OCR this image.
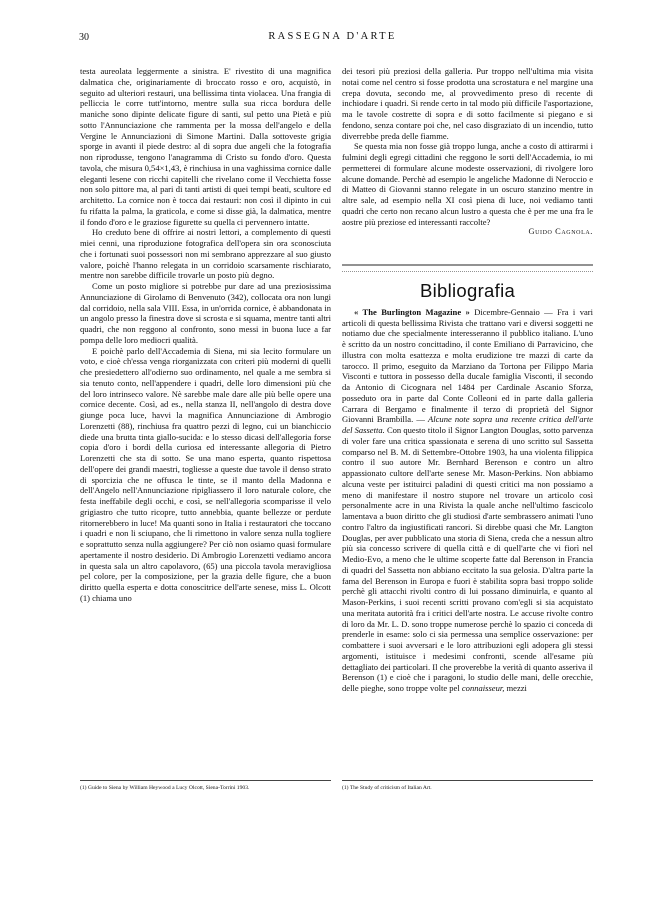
30	RASSEGNA D'ARTE

testa aureolata leggermente a sinistra. E' rivestito di una magnifica dalmatica che, originariamente di broccato rosso e oro, acquistò, in seguito ad ulteriori restauri, una bellissima tinta violacea. Una frangia di pelliccia le corre tutt'intorno, mentre sulla sua ricca bordura delle maniche sono dipinte delicate figure di santi, sul petto una Pietà e più sotto l'Annunciazione che rammenta per la mossa dell'angelo e della Vergine le Annunciazioni di Simone Martini. Dalla sottoveste grigia sporge in avanti il piede destro: al di sopra due angeli che la fotografia non riprodusse, tengono l'anagramma di Cristo su fondo d'oro. Questa tavola, che misura 0,54×1,43, è rinchiusa in una vaghissima cornice dalle eleganti lesene con ricchi capitelli che rivelano come il Vecchietta fosse non solo pittore ma, al pari di tanti artisti di quei tempi beati, scultore ed architetto. La cornice non è tocca dai restauri: non così il dipinto in cui fu rifatta la palma, la graticola, e come si disse già, la dalmatica, mentre il fondo d'oro e le graziose figurette su quella ci pervennero intatte.

Ho creduto bene di offrire ai nostri lettori, a complemento di questi miei cenni, una riproduzione fotografica dell'opera sin ora sconosciuta che i fortunati suoi possessori non mi sembrano apprezzare al suo giusto valore, poichè l'hanno relegata in un corridoio scarsamente rischiarato, mentre non sarebbe difficile trovarle un posto più degno.

Come un posto migliore si potrebbe pur dare ad una preziosissima Annunciazione di Girolamo di Benvenuto (342), collocata ora non lungi dal corridoio, nella sala VIII. Essa, in un'orrida cornice, è abbandonata in un angolo presso la finestra dove si scrosta e si squama, mentre tanti altri quadri, che non reggono al confronto, sono messi in buona luce a far pompa delle loro mediocri qualità.

E poichè parlo dell'Accademia di Siena, mi sia lecito formulare un voto, e cioè ch'essa venga riorganizzata con criteri più moderni di quelli che presiedettero all'odierno suo ordinamento, nel quale a me sembra si sia tenuto conto, nell'appendere i quadri, delle loro dimensioni più che del loro intrinseco valore. Nè sarebbe male dare alle più belle opere una cornice decente. Così, ad es., nella stanza II, nell'angolo di destra dove giunge poca luce, havvi la magnifica Annunciazione di Ambrogio Lorenzetti (88), rinchiusa fra quattro pezzi di legno, cui un bianchiccio diede una brutta tinta giallo-sucida: e lo stesso dicasi dell'allegoria forse copia d'oro i bordi della curiosa ed interessante allegoria di Pietro Lorenzetti che sta di sotto. Se una mano esperta, quanto rispettosa dell'opere dei grandi maestri, togliesse a queste due tavole il denso strato di sporcizia che ne offusca le tinte, se il manto della Madonna e dell'Angelo nell'Annunciazione ripigliassero il loro naturale colore, che festa ineffabile degli occhi, e così, se nell'allegoria scomparisse il velo grigiastro che tutto ricopre, tutto annebbia, quante bellezze or perdute ritornerebbero in luce! Ma quanti sono in Italia i restauratori che toccano i quadri e non li sciupano, che li rimettono in valore senza nulla togliere e soprattutto senza nulla aggiungere? Per ciò non osiamo quasi formulare apertamente il nostro desiderio. Di Ambrogio Lorenzetti vediamo ancora in questa sala un altro capolavoro, (65) una piccola tavola meravigliosa pel colore, per la composizione, per la grazia delle figure, che a buon diritto quella esperta e dotta conoscitrice dell'arte senese, miss L. Olcott (1) chiama uno

dei tesori più preziosi della galleria. Pur troppo nell'ultima mia visita notai come nel centro si fosse prodotta una scrostatura e nel margine una crepa dovuta, secondo me, al provvedimento preso di recente di inchiodare i quadri. Si rende certo in tal modo più difficile l'asportazione, ma le tavole costrette di sopra e di sotto facilmente si piegano e si fendono, senza contare poi che, nel caso disgraziato di un incendio, tutto diverrebbe preda delle fiamme.

Se questa mia non fosse già troppo lunga, anche a costo di attirarmi i fulmini degli egregi cittadini che reggono le sorti dell'Accademia, io mi permetterei di formulare alcune modeste osservazioni, di rivolgere loro alcune domande. Perchè ad esempio le angeliche Madonne di Neroccio e di Matteo di Giovanni stanno relegate in un oscuro stanzino mentre in altre sale, ad esempio nella XI così piena di luce, noi vediamo tanti quadri che certo non recano alcun lustro a questa che è per me una fra le aostre più preziose ed interessanti raccolte?

Guido Cagnola.

Bibliografia

« The Burlington Magazine » Dicembre-Gennaio — Fra i vari articoli di questa bellissima Rivista che trattano vari e diversi soggetti ne notiamo due che specialmente interesseranno il pubblico italiano. L'uno è scritto da un nostro concittadino, il conte Emiliano di Parravicino, che illustra con molta esattezza e molta erudizione tre mazzi di carte da tarocco. Il primo, eseguito da Marziano da Tortona per Filippo Maria Visconti e tuttora in possesso della ducale famiglia Visconti, il secondo da Antonio di Cicognara nel 1484 per Cardinale Ascanio Sforza, posseduto ora in parte dal Conte Colleoni ed in parte dalla galleria Carrara di Bergamo e finalmente il terzo di proprietà del Signor Giovanni Brambilla. — Alcune note sopra una recente critica dell'arte del Sassetta. Con questo titolo il Signor Langton Douglas, sotto parvenza di voler fare una critica spassionata e serena di uno scritto sul Sassetta comparso nel B. M. di Settembre-Ottobre 1903, ha una violenta filippica contro il suo autore Mr. Bernhard Berenson e contro un altro appassionato cultore dell'arte senese Mr. Mason-Perkins. Non abbiamo alcuna veste per istituirci paladini di questi critici ma non possiamo a meno di manifestare il nostro stupore nel trovare un articolo così personalmente acre in una Rivista la quale anche nell'ultimo fascicolo lamentava a buon diritto che gli studiosi d'arte sembrassero animati l'uno contro l'altro da ingiustificati rancori. Si direbbe quasi che Mr. Langton Douglas, per aver pubblicato una storia di Siena, creda che a nessun altro più sia concesso scrivere di quella città e di quell'arte che vi fiorì nel Medio-Evo, a meno che le ultime scoperte fatte dal Berenson in Francia di quadri del Sassetta non abbiano eccitato la sua gelosia. D'altra parte la fama del Berenson in Europa e fuori è stabilita sopra basi troppo solide perchè gli attacchi rivolti contro di lui possano diminuirla, e quanto al Mason-Perkins, i suoi recenti scritti provano com'egli si sia acquistato una meritata autorità fra i critici dell'arte nostra. Le accuse rivolte contro di loro da Mr. L. D. sono troppe numerose perchè lo spazio ci conceda di prenderle in esame: solo ci sia permessa una semplice osservazione: per combattere i suoi avversari e le loro attribuzioni egli adopera gli stessi argomenti, istituisce i medesimi confronti, scende all'esame più dettagliato dei particolari. Il che proverebbe la verità di quanto asseriva il Berenson (1) e cioè che i paragoni, lo studio delle mani, delle orecchie, delle pieghe, sono troppe volte pel connaisseur, mezzi

(1) Guide to Siena by William Heywood a Lucy Olcott, Siena-Torrini 1903.	(1) The Study of criticism of Italian Art.
